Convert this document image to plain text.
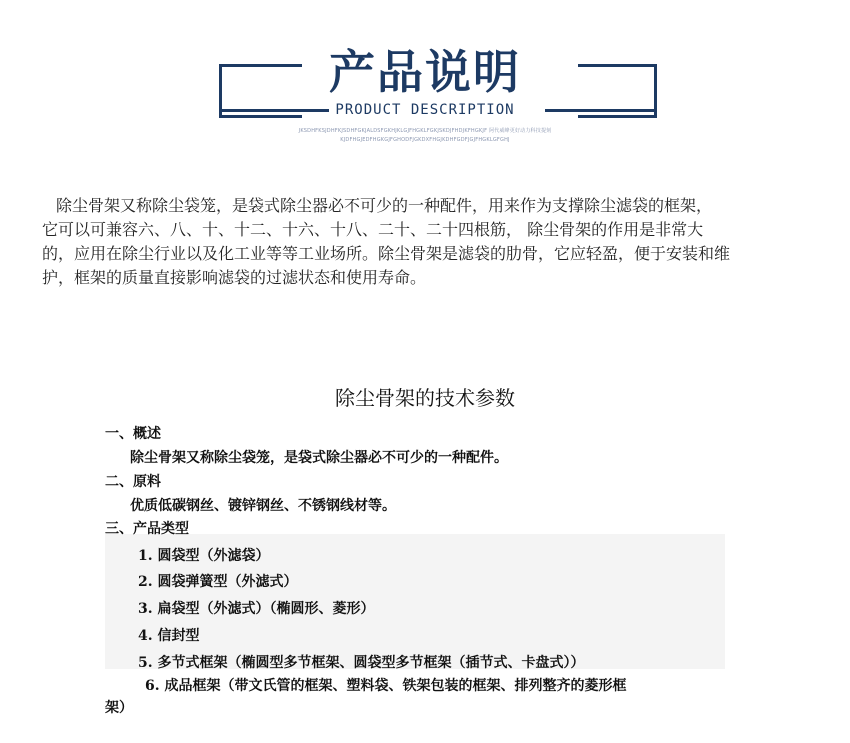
产品说明
PRODUCT DESCRIPTION
JKSDHFKSJDHFKJSDHFGKJALDSFGKHJKLGJFHGKLFGKJSKDJFHDJKFHGKJF 阿代威峰更好动力科技提刻
KJDFHGJEDFHGKGJFGHODFJGKDXFHGJKDHFGDFJGJFHGKLGFGHJ
除尘骨架又称除尘袋笼，是袋式除尘器必不可少的一种配件，用来作为支撑除尘滤袋的框架，
它可以可兼容六、八、十、十二、十六、十八、二十、二十四根筋， 除尘骨架的作用是非常大
的，应用在除尘行业以及化工业等等工业场所。除尘骨架是滤袋的肋骨，它应轻盈，便于安装和维
护，框架的质量直接影响滤袋的过滤状态和使用寿命。
除尘骨架的技术参数
一、概述
除尘骨架又称除尘袋笼，是袋式除尘器必不可少的一种配件。
二、原料
优质低碳钢丝、镀锌钢丝、不锈钢线材等。
三、产品类型
1. 圆袋型（外滤袋）
2. 圆袋弹簧型（外滤式）
3. 扁袋型（外滤式）（椭圆形、菱形）
4. 信封型
5. 多节式框架（椭圆型多节框架、圆袋型多节框架（插节式、卡盘式））
6. 成品框架（带文氏管的框架、塑料袋、铁架包装的框架、排列整齐的菱形框
架）
